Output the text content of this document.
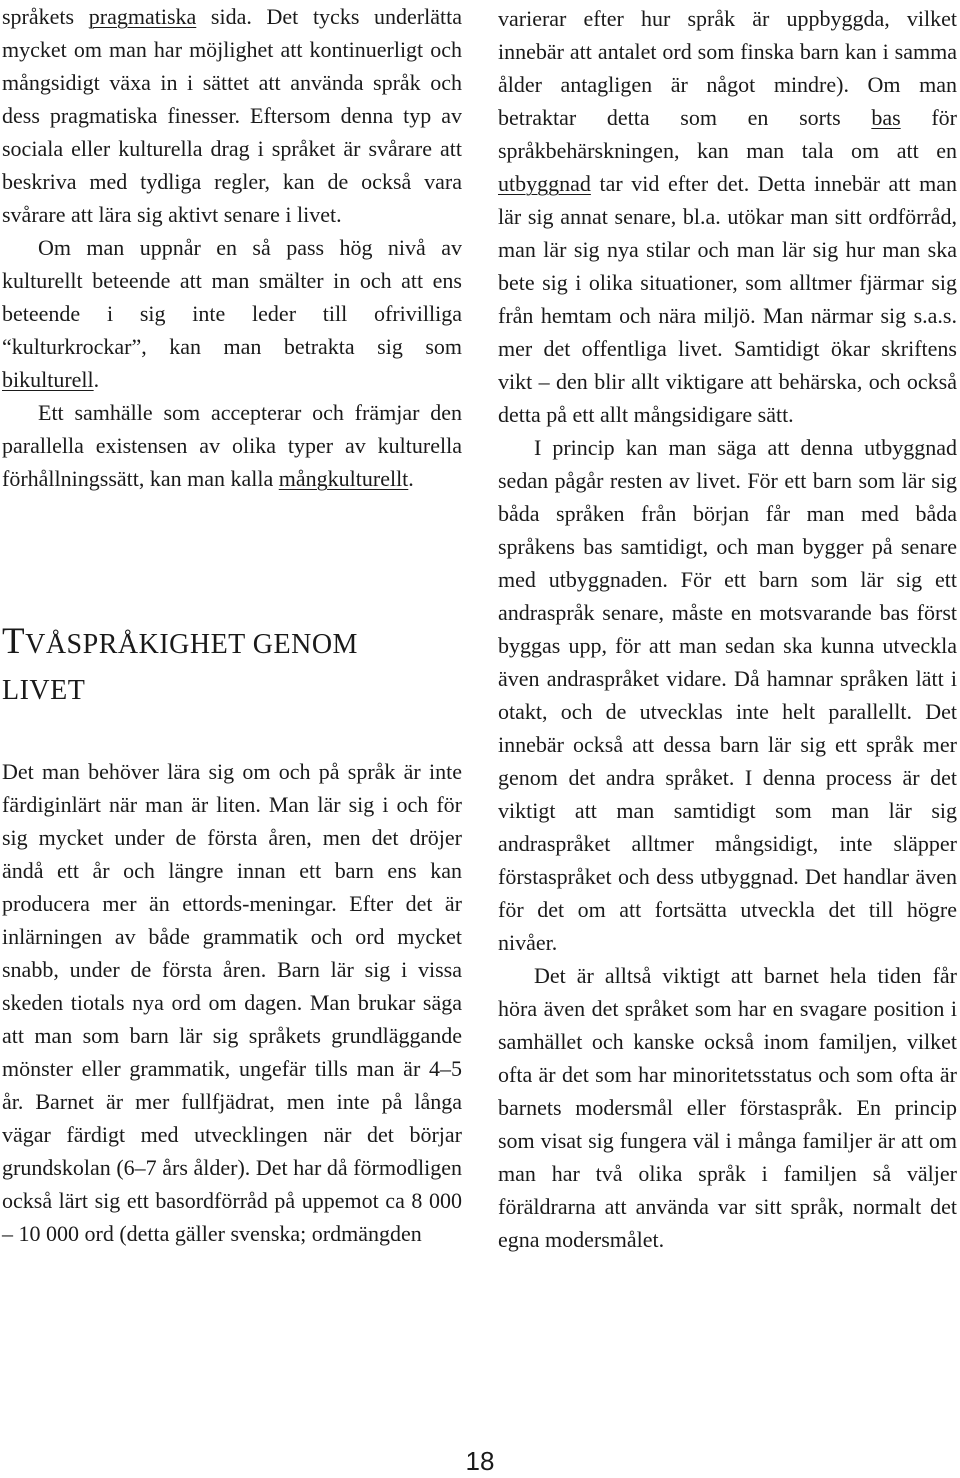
språkets pragmatiska sida. Det tycks underlätta mycket om man har möjlighet att kontinuerligt och mångsidigt växa in i sättet att använda språk och dess pragmatiska finesser. Eftersom denna typ av sociala eller kulturella drag i språket är svårare att beskriva med tydliga regler, kan de också vara svårare att lära sig aktivt senare i livet.

Om man uppnår en så pass hög nivå av kulturellt beteende att man smälter in och att ens beteende i sig inte leder till ofrivilliga “kulturkrockar”, kan man betrakta sig som bikulturell.

Ett samhälle som accepterar och främjar den parallella existensen av olika typer av kulturella förhållningssätt, kan man kalla mångkulturellt.

TVÅSPRÅKIGHET GENOM
LIVET

Det man behöver lära sig om och på språk är inte färdiginlärt när man är liten. Man lär sig i och för sig mycket under de första åren, men det dröjer ändå ett år och längre innan ett barn ens kan producera mer än ettords-meningar. Efter det är inlärningen av både grammatik och ord mycket snabb, under de första åren. Barn lär sig i vissa skeden tiotals nya ord om dagen. Man brukar säga att man som barn lär sig språkets grundläggande mönster eller grammatik, ungefär tills man är 4–5 år. Barnet är mer fullfjädrat, men inte på långa vägar färdigt med utvecklingen när det börjar grundskolan (6–7 års ålder). Det har då förmodligen också lärt sig ett basordförråd på uppemot ca 8 000 – 10 000 ord (detta gäller svenska; ordmängden

varierar efter hur språk är uppbyggda, vilket innebär att antalet ord som finska barn kan i samma ålder antagligen är något mindre). Om man betraktar detta som en sorts bas för språkbehärskningen, kan man tala om att en utbyggnad tar vid efter det. Detta innebär att man lär sig annat senare, bl.a. utökar man sitt ordförråd, man lär sig nya stilar och man lär sig hur man ska bete sig i olika situationer, som alltmer fjärmar sig från hemtam och nära miljö. Man närmar sig s.a.s. mer det offentliga livet. Samtidigt ökar skriftens vikt – den blir allt viktigare att behärska, och också detta på ett allt mångsidigare sätt.

I princip kan man säga att denna utbyggnad sedan pågår resten av livet. För ett barn som lär sig båda språken från början får man med båda språkens bas samtidigt, och man bygger på senare med utbyggnaden. För ett barn som lär sig ett andraspråk senare, måste en motsvarande bas först byggas upp, för att man sedan ska kunna utveckla även andraspråket vidare. Då hamnar språken lätt i otakt, och de utvecklas inte helt parallellt. Det innebär också att dessa barn lär sig ett språk mer genom det andra språket. I denna process är det viktigt att man samtidigt som man lär sig andraspråket alltmer mångsidigt, inte släpper förstaspråket och dess utbyggnad. Det handlar även för det om att fortsätta utveckla det till högre nivåer.

Det är alltså viktigt att barnet hela tiden får höra även det språket som har en svagare position i samhället och kanske också inom familjen, vilket ofta är det som har minoritetsstatus och som ofta är barnets modersmål eller förstaspråk. En princip som visat sig fungera väl i många familjer är att om man har två olika språk i familjen så väljer föräldrarna att använda var sitt språk, normalt det egna modersmålet.

18
